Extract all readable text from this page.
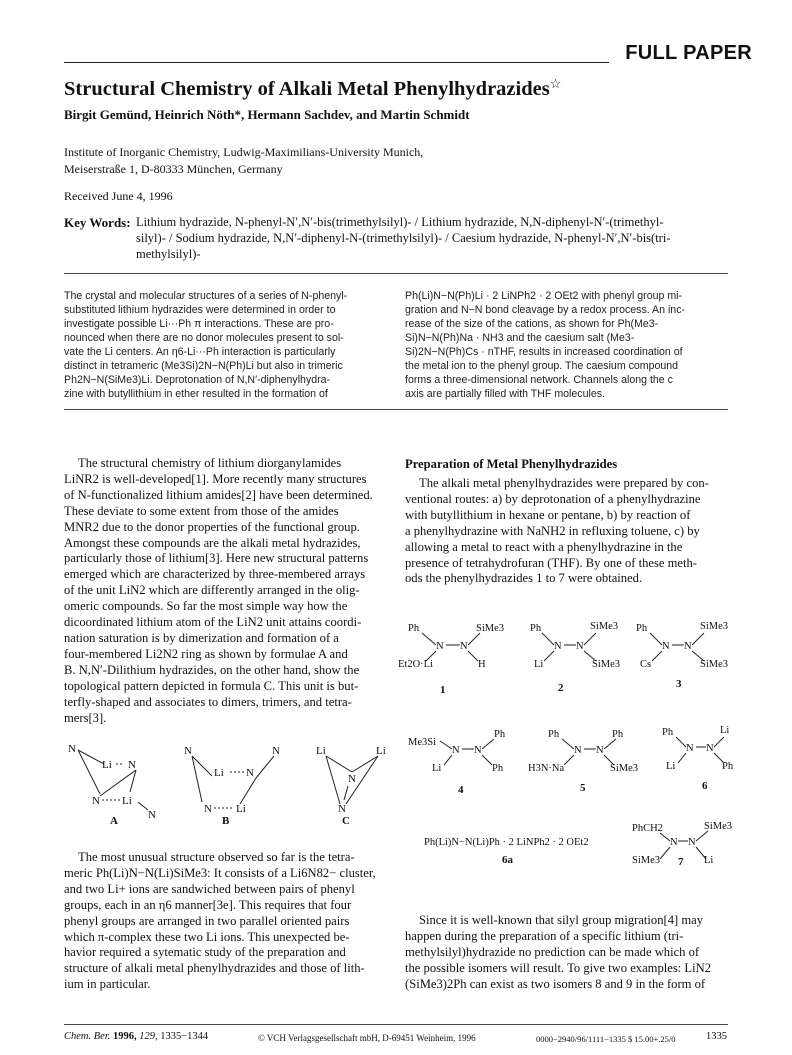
FULL PAPER
Structural Chemistry of Alkali Metal Phenylhydrazides☆
Birgit Gemünd, Heinrich Nöth*, Hermann Sachdev, and Martin Schmidt
Institute of Inorganic Chemistry, Ludwig-Maximilians-University Munich,
Meiserstraße 1, D-80333 München, Germany
Received June 4, 1996
Key Words: Lithium hydrazide, N-phenyl-N′,N′-bis(trimethylsilyl)- / Lithium hydrazide, N,N-diphenyl-N′-(trimethyl-
silyl)- / Sodium hydrazide, N,N′-diphenyl-N-(trimethylsilyl)- / Caesium hydrazide, N-phenyl-N′,N′-bis(tri-
methylsilyl)-
The crystal and molecular structures of a series of N-phenyl-
substituted lithium hydrazides were determined in order to
investigate possible Li···Ph π interactions. These are pro-
nounced when there are no donor molecules present to sol-
vate the Li centers. An η6-Li···Ph interaction is particularly
distinct in tetrameric (Me3Si)2N−N(Ph)Li but also in trimeric
Ph2N−N(SiMe3)Li. Deprotonation of N,N′-diphenylhydra-
zine with butyllithium in ether resulted in the formation of
Ph(Li)N−N(Ph)Li · 2 LiNPh2 · 2 OEt2 with phenyl group mi-
gration and N−N bond cleavage by a redox process. An inc-
rease of the size of the cations, as shown for Ph(Me3-
Si)N−N(Ph)Na · NH3 and the caesium salt (Me3-
Si)2N−N(Ph)Cs · nTHF, results in increased coordination of
the metal ion to the phenyl group. The caesium compound
forms a three-dimensional network. Channels along the c
axis are partially filled with THF molecules.
The structural chemistry of lithium diorganylamides
LiNR2 is well-developed[1]. More recently many structures
of N-functionalized lithium amides[2] have been determined.
These deviate to some extent from those of the amides
MNR2 due to the donor properties of the functional group.
Amongst these compounds are the alkali metal hydrazides,
particularly those of lithium[3]. Here new structural patterns
emerged which are characterized by three-membered arrays
of the unit LiN2 which are differently arranged in the olig-
omeric compounds. So far the most simple way how the
dicoordinated lithium atom of the LiN2 unit attains coordi-
nation saturation is by dimerization and formation of a
four-membered Li2N2 ring as shown by formulae A and
B. N,N′-Dilithium hydrazides, on the other hand, show the
topological pattern depicted in formula C. This unit is but-
terfly-shaped and associates to dimers, trimers, and tetra-
mers[3].
N
Li N
N Li
N
N
Li N
N
N Li
Li
N
Li
N
A	B	C
The most unusual structure observed so far is the tetra-
meric Ph(Li)N−N(Li)SiMe3: It consists of a Li6N82− cluster,
and two Li+ ions are sandwiched between pairs of phenyl
groups, each in an η6 manner[3e]. This requires that four
phenyl groups are arranged in two parallel oriented pairs
which π-complex these two Li ions. This unexpected be-
havior required a sytematic study of the preparation and
structure of alkali metal phenylhydrazides and those of lith-
ium in particular.
Preparation of Metal Phenylhydrazides
The alkali metal phenylhydrazides were prepared by con-
ventional routes: a) by deprotonation of a phenylhydrazine
with butyllithium in hexane or pentane, b) by reaction of
a phenylhydrazine with NaNH2 in refluxing toluene, c) by
allowing a metal to react with a phenylhydrazine in the
presence of tetrahydrofuran (THF). By one of these meth-
ods the phenylhydrazides 1 to 7 were obtained.
Ph	SiMe3
N N
Et2O·Li	H
Ph	SiMe3
N N
Li	SiMe3
Ph	SiMe3
N N
Cs	SiMe3
Me3Si
Ph
N N
Li	Ph
Ph	Ph
N N
H3N·Na	SiMe3
Ph	Li
N N
Li	Ph
Ph(Li)N−N(Li)Ph · 2 LiNPh2 · 2 OEt2
PhCH2	SiMe3
N N
SiMe3	Li
1	2	3
4	5	6
6a	7
Since it is well-known that silyl group migration[4] may
happen during the preparation of a specific lithium (tri-
methylsilyl)hydrazide no prediction can be made which of
the possible isomers will result. To give two examples: LiN2
(SiMe3)2Ph can exist as two isomers 8 and 9 in the form of
Chem. Ber. 1996, 129, 1335−1344	© VCH Verlagsgesellschaft mbH, D-69451 Weinheim, 1996	0000−2940/96/1111−1335 $ 15.00+.25/0	1335
